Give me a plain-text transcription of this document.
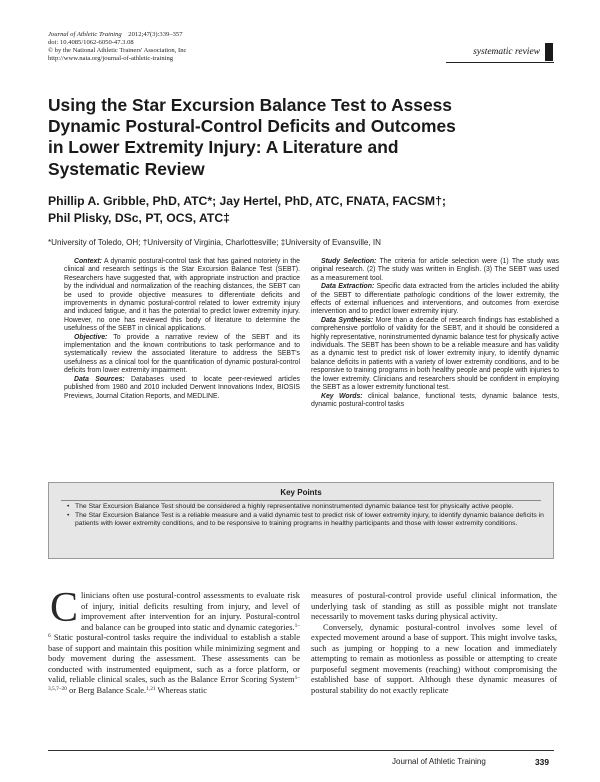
Journal of Athletic Training 2012;47(3):339–357
doi: 10.4085/1062-6050-47.3.08
© by the National Athletic Trainers' Association, Inc
http://www.nata.org/journal-of-athletic-training
systematic review
Using the Star Excursion Balance Test to Assess
Dynamic Postural-Control Deficits and Outcomes
in Lower Extremity Injury: A Literature and
Systematic Review
Phillip A. Gribble, PhD, ATC*; Jay Hertel, PhD, ATC, FNATA, FACSM†;
Phil Plisky, DSc, PT, OCS, ATC‡
*University of Toledo, OH; †University of Virginia, Charlottesville; ‡University of Evansville, IN

Context: A dynamic postural-control task that has gained notoriety in the clinical and research settings is the Star Excursion Balance Test (SEBT). Researchers have suggested that, with appropriate instruction and practice by the individual and normalization of the reaching distances, the SEBT can be used to provide objective measures to differentiate deficits and improvements in dynamic postural-control related to lower extremity injury and induced fatigue, and it has the potential to predict lower extremity injury. However, no one has reviewed this body of literature to determine the usefulness of the SEBT in clinical applications.

Objective: To provide a narrative review of the SEBT and its implementation and the known contributions to task performance and to systematically review the associated literature to address the SEBT's usefulness as a clinical tool for the quantification of dynamic postural-control deficits from lower extremity impairment.

Data Sources: Databases used to locate peer-reviewed articles published from 1980 and 2010 included Derwent Innovations Index, BIOSIS Previews, Journal Citation Reports, and MEDLINE.

Study Selection: The criteria for article selection were (1) The study was original research. (2) The study was written in English. (3) The SEBT was used as a measurement tool.

Data Extraction: Specific data extracted from the articles included the ability of the SEBT to differentiate pathologic conditions of the lower extremity, the effects of external influences and interventions, and outcomes from exercise intervention and to predict lower extremity injury.

Data Synthesis: More than a decade of research findings has established a comprehensive portfolio of validity for the SEBT, and it should be considered a highly representative, noninstrumented dynamic balance test for physically active individuals. The SEBT has been shown to be a reliable measure and has validity as a dynamic test to predict risk of lower extremity injury, to identify dynamic balance deficits in patients with a variety of lower extremity conditions, and to be responsive to training programs in both healthy people and people with injuries to the lower extremity. Clinicians and researchers should be confident in employing the SEBT as a lower extremity functional test.

Key Words: clinical balance, functional tests, dynamic balance tests, dynamic postural-control tasks

Key Points
• The Star Excursion Balance Test should be considered a highly representative noninstrumented dynamic balance test for physically active people.
• The Star Excursion Balance Test is a reliable measure and a valid dynamic test to predict risk of lower extremity injury, to identify dynamic balance deficits in patients with lower extremity conditions, and to be responsive to training programs in healthy participants and those with lower extremity conditions.

Clinicians often use postural-control assessments to evaluate risk of injury, initial deficits resulting from injury, and level of improvement after intervention for an injury. Postural-control and balance can be grouped into static and dynamic categories.$^{1-6}$ Static postural-control tasks require the individual to establish a stable base of support and maintain this position while minimizing segment and body movement during the assessment. These assessments can be conducted with instrumented equipment, such as a force platform, or valid, reliable clinical scales, such as the Balance Error Scoring System$^{1-3,5,7-20}$ or Berg Balance Scale.$^{1,21}$ Whereas static

measures of postural-control provide useful clinical information, the underlying task of standing as still as possible might not translate necessarily to movement tasks during physical activity.

Conversely, dynamic postural-control involves some level of expected movement around a base of support. This might involve tasks, such as jumping or hopping to a new location and immediately attempting to remain as motionless as possible or attempting to create purposeful segment movements (reaching) without compromising the established base of support. Although these dynamic measures of postural stability do not exactly replicate

Journal of Athletic Training	339
